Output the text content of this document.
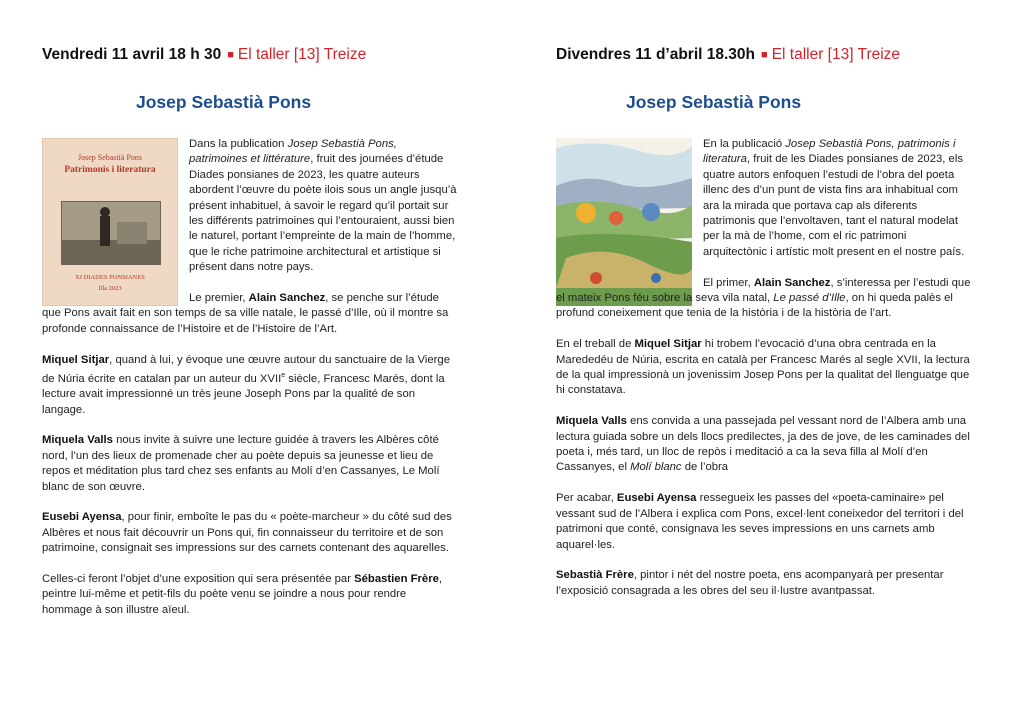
Vendredi 11 avril 18 h 30 ■ El taller [13] Treize
Josep Sebastià Pons
Josep Sebastià Pons
Patrimonis i literatura
XI DIADES PONSIANES
Illa 2023

Dans la publication Josep Sebastià Pons, patrimoines et littérature, fruit des journées d’étude Diades ponsianes de 2023, les quatre auteurs abordent l’œuvre du poète ilois sous un angle jusqu’à présent inhabituel, à savoir le regard qu’il portait sur les différents patrimoines qui l’entouraient, aussi bien le naturel, portant l’empreinte de la main de l’homme, que le riche patrimoine architectural et artistique si présent dans notre pays.

Le premier, Alain Sanchez, se penche sur l’étude que Pons avait fait en son temps de sa ville natale, le passé d’Ille, où il montre sa profonde connaissance de l’Histoire et de l’Histoire de l’Art.

Miquel Sitjar, quand à lui, y évoque une œuvre autour du sanctuaire de la Vierge de Núria écrite en catalan par un auteur du XVIIe siècle, Francesc Marés, dont la lecture avait impressionné un très jeune Joseph Pons par la qualité de son langage.

Miquela Valls nous invite à suivre une lecture guidée à travers les Albères côté nord, l’un des lieux de promenade cher au poète depuis sa jeunesse et lieu de repos et méditation plus tard chez ses enfants au Molí d’en Cassanyes, Le Molí blanc de son œuvre.

Eusebi Ayensa, pour finir, emboîte le pas du « poète-marcheur » du côté sud des Albères et nous fait découvrir un Pons qui, fin connaisseur du territoire et de son patrimoine, consignait ses impressions sur des carnets contenant des aquarelles.

Celles-ci feront l’objet d’une exposition qui sera présentée par Sébastien Frère, peintre lui-même et petit-fils du poète venu se joindre a nous pour rendre hommage à son illustre aïeul.

Divendres 11 d’abril 18.30h ■ El taller [13] Treize
Josep Sebastià Pons

En la publicació Josep Sebastià Pons, patrimonis i literatura, fruit de les Diades ponsianes de 2023, els quatre autors enfoquen l’estudi de l’obra del poeta illenc des d’un punt de vista fins ara inhabitual com ara la mirada que portava cap als diferents patrimonis que l’envoltaven, tant el natural modelat per la mà de l’home, com el ric patrimoni arquitectònic i artístic molt present en el nostre país.

El primer, Alain Sanchez, s’interessa per l’estudi que el mateix Pons féu sobre la seva vila natal, Le passé d’Ille, on hi queda palès el profund coneixement que tenia de la història i de la història de l’art.

En el treball de Miquel Sitjar hi trobem l’evocació d’una obra centrada en la Marededéu de Núria, escrita en català per Francesc Marés al segle XVII, la lectura de la qual impressionà un jovenissim Josep Pons per la qualitat del llenguatge que hi constatava.

Miquela Valls ens convida a una passejada pel vessant nord de l’Albera amb una lectura guiada sobre un dels llocs predilectes, ja des de jove, de les caminades del poeta i, més tard, un lloc de repòs i meditació a ca la seva filla al Molí d’en Cassanyes, el Molí blanc de l’obra

Per acabar, Eusebi Ayensa ressegueix les passes del «poeta-caminaire» pel vessant sud de l’Albera i explica com Pons, excel·lent coneixedor del territori i del patrimoni que conté, consignava les seves impressions en uns carnets amb aquarel·les.

Sebastià Frère, pintor i nét del nostre poeta, ens acompanyarà per presentar l’exposició consagrada a les obres del seu il·lustre avantpassat.
